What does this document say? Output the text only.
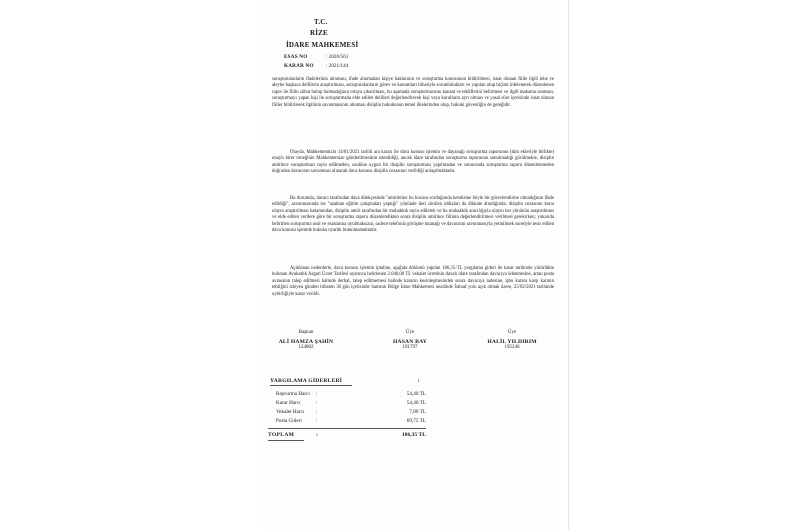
T.C.
RİZE
İDARE MAHKEMESİ
ESAS NO	: 2020/561
KARAR NO : 2021/144
soruşturulanların ifadelerinin alınması, ifade alınmadan kişiye haklarının ve soruşturma konusunun bildirilmesi, isnat olunan fiille ilgili lehe ve aleyhe başkaca delillerin araştırılması, soruşturulanların görev ve konumları itibariyle sorumlulukları ve yapılan olup biçimi irdelenerek düzenlenen rapor ile fiilin sübut bulup bulmadığının ortaya çıkarılması, bu aşamada soruşturmacının kanaat ve tekliflerini belirtmesi ve ilgili makama sunması, soruşturmayı yapan kişi ile soruşturmada elde edilen delilleri değerlendirecek kişi veya kurulların ayrı olması ve yasal süre içerisinde isnat olunan fiiller bildirilerek ilgilinin savunmasının alınması disiplin hukukunun temel ilkelerinden olup, hukuki güvenliğin de gereğidir.
Olayda, Mahkememizin 14/01/2021 tarihli ara kararı ile dava konusu işlemin ve dayanağı soruşturma raporunun (tüm ekleriyle birlikte) onaylı birer örneğinin Mahkememize gönderilmesinin istenildiği, ancak idare tarafından soruşturma raporunun sunulmadığı görülmekle, disiplin amirince soruşturmacı tayin edilmeden, usulüne uygun bir disiplin soruşturması yapılmadan ve sonucunda soruşturma raporu düzenlenmeden doğrudan davacının savunması alınarak dava konusu disiplin cezasının verildiği anlaşılmaktadır.
Bu durumda, davacı tarafından dava dilekçesinde "amirlerine bu hususu sorduğunda kendisine böyle bir görevlendirme olmadığının ifade edildiği", savunmasında ise "uzaktan eğitim çalışmaları yaptığı" yönünde ileri sürülen iddiaları da dikkate alındığında; disiplin cezasının konu olayın araştırılması bakımından, disiplin amiri tarafından bir muhakkik tayin edilerek ve bu muhakkik aracılığıyla olayın her yönünün araştırılması ve elde edilen verilere göre bir soruşturma raporu düzenlendikten sonra disiplin amirince fiilinin değerlendirilmesi verilmesi gerekirken; yukarıda belirtilen soruşturma usul ve esaslarına uyulmaksızın, sadece telefonla görüşme tutanağı ve davacının savunmasıyla yetinilmek suretiyle tesis edilen dava konusu işlemde hukuka uyarlık bulunmamaktadır.
Açıklanan nedenlerle, dava konusu işlemin iptaline, aşağıda dökümü yapılan 186,35-TL yargılama gideri ile karar tarihinde yürürlükte bulunan Avukatlık Asgari Ücret Tarifesi uyarınca belirlenen 2.040,00 TL vekalet ücretinin davalı idare tarafından davacıya ödenmesine, artan posta avansının talep edilmesi halinde derhal, talep edilmemesi halinde kararın kesinleşmesinden sonra davacıya iadesine, işbu karara karşı kararın tebliğini izleyen günden itibaren 30 gün içerisinde Samsun Bölge İdare Mahkemesi nezdinde İstinaf yolu açık olmak üzere, 25/02/2021 tarihinde oybirliğiyle karar verildi.
Başkan
ALİ HAMZA ŞAHİN
124802
Üye
HASAN BAY
191797
Üye
HALİL YILDIRIM
195246
YARGILAMA GİDERLERİ	:
Başvurma Harcı :	54,40 TL
Karar Harcı	:	54,40 TL
Vekalet Harcı :	7,80 TL
Posta Gideri	:	69,75 TL
TOPLAM	:	186,35 TL
